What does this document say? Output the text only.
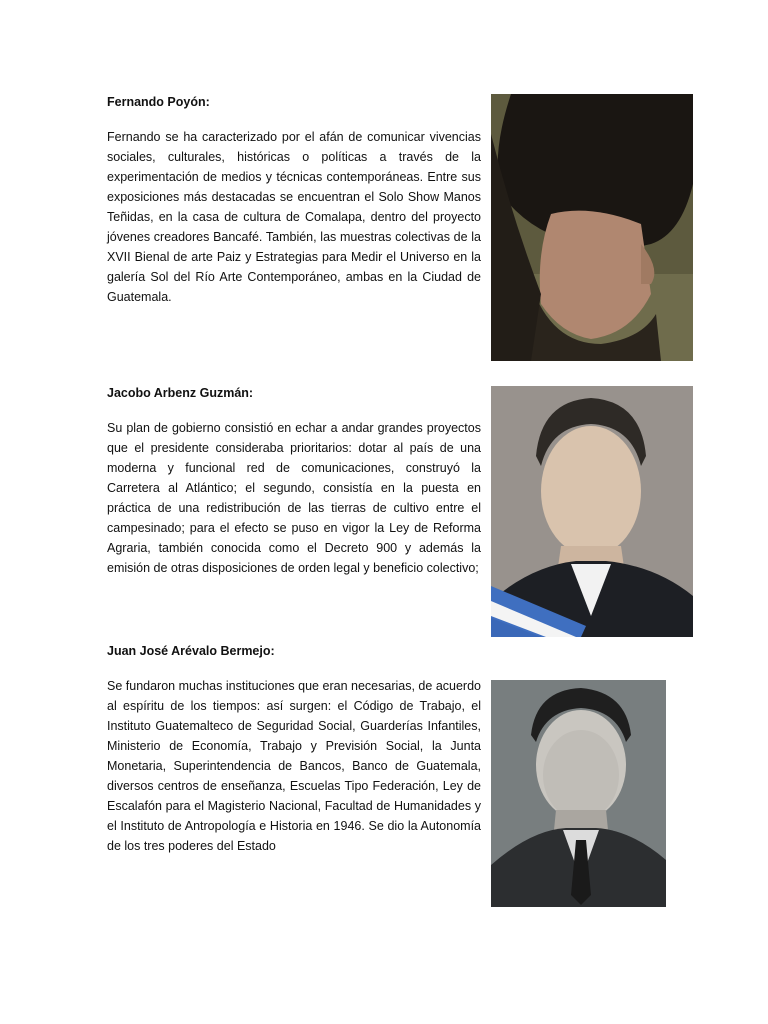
Fernando Poyón:

Fernando se ha caracterizado por el afán de comunicar vivencias sociales, culturales, históricas o políticas a través de la experimentación de medios y técnicas contemporáneas. Entre sus exposiciones más destacadas se encuentran el Solo Show Manos Teñidas, en la casa de cultura de Comalapa, dentro del proyecto jóvenes creadores Bancafé. También, las muestras colectivas de la XVII Bienal de arte Paiz y Estrategias para Medir el Universo en la galería Sol del Río Arte Contemporáneo, ambas en la Ciudad de Guatemala.

Jacobo Arbenz Guzmán:

Su plan de gobierno consistió en echar a andar grandes proyectos que el presidente consideraba prioritarios: dotar al país de una moderna y funcional red de comunicaciones, construyó la Carretera al Atlántico; el segundo, consistía en la puesta en práctica de una redistribución de las tierras de cultivo entre el campesinado; para el efecto se puso en vigor la Ley de Reforma Agraria, también conocida como el Decreto 900 y además la emisión de otras disposiciones de orden legal y beneficio colectivo;

Juan José Arévalo Bermejo:

Se fundaron muchas instituciones que eran necesarias, de acuerdo al espíritu de los tiempos: así surgen: el Código de Trabajo, el Instituto Guatemalteco de Seguridad Social, Guarderías Infantiles, Ministerio de Economía, Trabajo y Previsión Social, la Junta Monetaria, Superintendencia de Bancos, Banco de Guatemala, diversos centros de enseñanza, Escuelas Tipo Federación, Ley de Escalafón para el Magisterio Nacional, Facultad de Humanidades y el Instituto de Antropología e Historia en 1946. Se dio la Autonomía de los tres poderes del Estado
